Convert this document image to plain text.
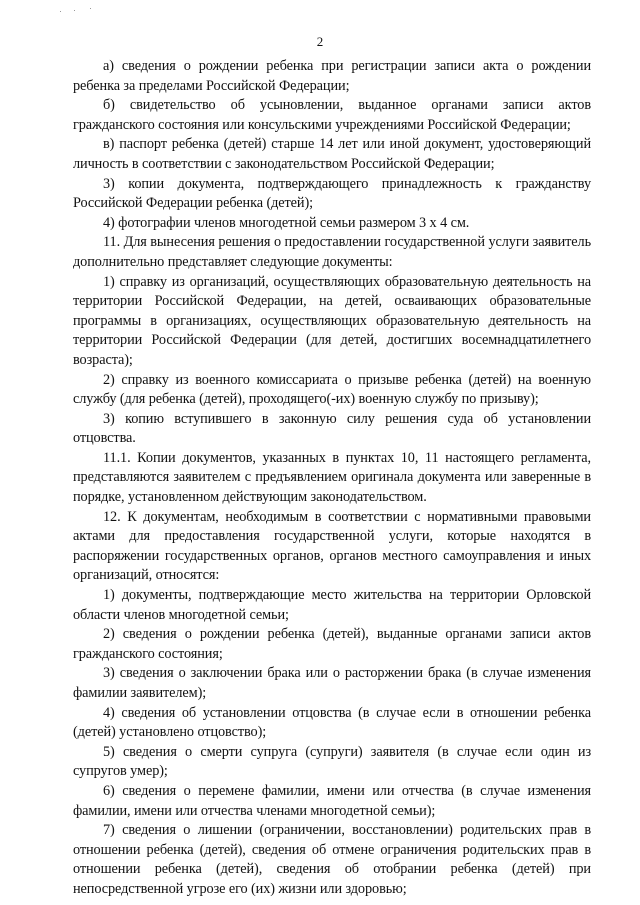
2

а) сведения о рождении ребенка при регистрации записи акта о рождении ребенка за пределами Российской Федерации;

б) свидетельство об усыновлении, выданное органами записи актов гражданского состояния или консульскими учреждениями Российской Федерации;

в) паспорт ребенка (детей) старше 14 лет или иной документ, удостоверяющий личность в соответствии с законодательством Российской Федерации;

3) копии документа, подтверждающего принадлежность к гражданству Российской Федерации ребенка (детей);

4) фотографии членов многодетной семьи размером 3 х 4 см.

11. Для вынесения решения о предоставлении государственной услуги заявитель дополнительно представляет следующие документы:

1) справку из организаций, осуществляющих образовательную деятельность на территории Российской Федерации, на детей, осваивающих образовательные программы в организациях, осуществляющих образовательную деятельность на территории Российской Федерации (для детей, достигших восемнадцатилетнего возраста);

2) справку из военного комиссариата о призыве ребенка (детей) на военную службу (для ребенка (детей), проходящего(-их) военную службу по призыву);

3) копию вступившего в законную силу решения суда об установлении отцовства.

11.1. Копии документов, указанных в пунктах 10, 11 настоящего регламента, представляются заявителем с предъявлением оригинала документа или заверенные в порядке, установленном действующим законодательством.

12. К документам, необходимым в соответствии с нормативными правовыми актами для предоставления государственной услуги, которые находятся в распоряжении государственных органов, органов местного самоуправления и иных организаций, относятся:

1) документы, подтверждающие место жительства на территории Орловской области членов многодетной семьи;

2) сведения о рождении ребенка (детей), выданные органами записи актов гражданского состояния;

3) сведения о заключении брака или о расторжении брака (в случае изменения фамилии заявителем);

4) сведения об установлении отцовства (в случае если в отношении ребенка (детей) установлено отцовство);

5) сведения о смерти супруга (супруги) заявителя (в случае если один из супругов умер);

6) сведения о перемене фамилии, имени или отчества (в случае изменения фамилии, имени или отчества членами многодетной семьи);

7) сведения о лишении (ограничении, восстановлении) родительских прав в отношении ребенка (детей), сведения об отмене ограничения родительских прав в отношении ребенка (детей), сведения об отобрании ребенка (детей) при непосредственной угрозе его (их) жизни или здоровью;
